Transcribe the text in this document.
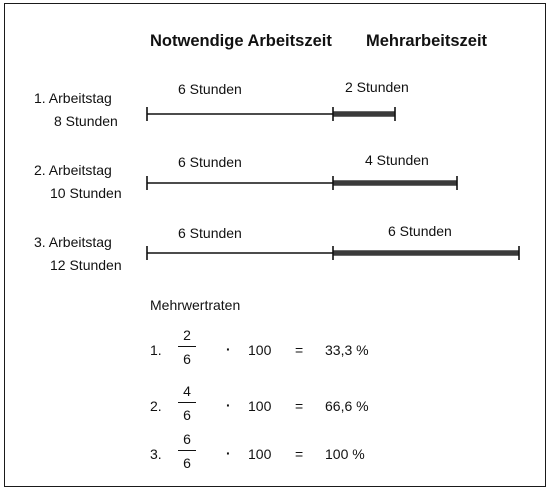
Notwendige Arbeitszeit Mehrarbeitszeit
1. Arbeitstag
8 Stunden
6 Stunden	2 Stunden
2. Arbeitstag
10 Stunden
6 Stunden	4 Stunden
3. Arbeitstag
12 Stunden
6 Stunden	6 Stunden
Mehrwertraten
1.
2
6
· 100 = 33,3 %
2.
4
6
· 100 = 66,6 %
3.
6
6
· 100 = 100 %
